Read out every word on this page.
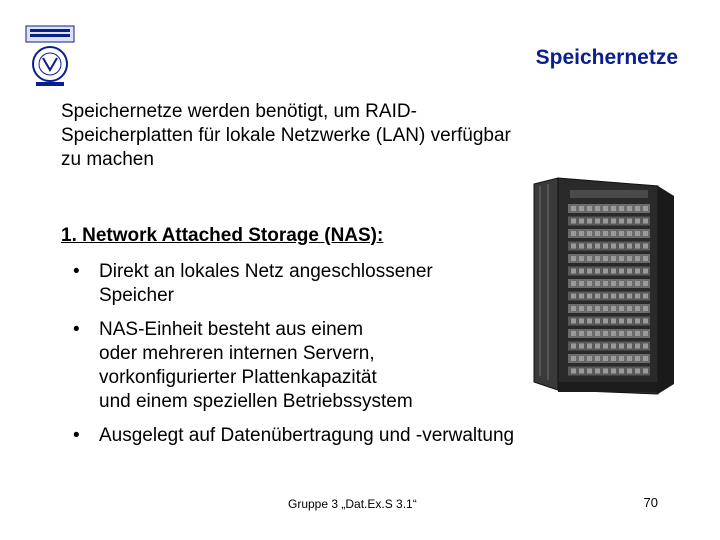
Speichernetze
Speichernetze werden benötigt, um RAID-
Speicherplatten für lokale Netzwerke (LAN) verfügbar
zu machen
1. Network Attached Storage (NAS):
• Direkt an lokales Netz angeschlossener
Speicher
• NAS-Einheit besteht aus einem
oder mehreren internen Servern,
vorkonfigurierter Plattenkapazität
und einem speziellen Betriebssystem
• Ausgelegt auf Datenübertragung und -verwaltung
Gruppe 3 „Dat.Ex.S 3.1“	70
